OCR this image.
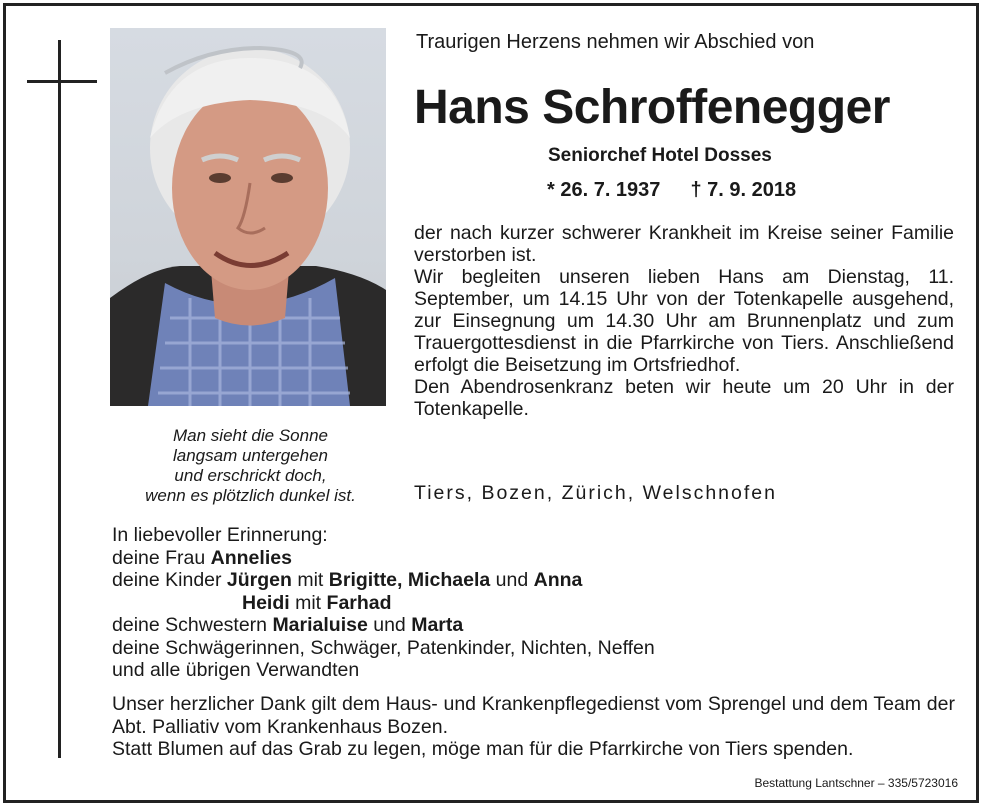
Man sieht die Sonne
langsam untergehen
und erschrickt doch,
wenn es plötzlich dunkel ist.
Traurigen Herzens nehmen wir Abschied von
Hans Schroffenegger
Seniorchef Hotel Dosses
* 26. 7. 1937 † 7. 9. 2018

der nach kurzer schwerer Krankheit im Kreise seiner Familie verstorben ist.

Wir begleiten unseren lieben Hans am Dienstag, 11. September, um 14.15 Uhr von der Totenkapelle ausgehend, zur Einsegnung um 14.30 Uhr am Brunnenplatz und zum Trauergottesdienst in die Pfarrkirche von Tiers. Anschließend erfolgt die Beisetzung im Ortsfriedhof.

Den Abendrosenkranz beten wir heute um 20 Uhr in der Totenkapelle.

Tiers, Bozen, Zürich, Welschnofen
In liebevoller Erinnerung:
deine Frau Annelies
deine Kinder Jürgen mit Brigitte, Michaela und Anna
Heidi mit Farhad
deine Schwestern Marialuise und Marta
deine Schwägerinnen, Schwäger, Patenkinder, Nichten, Neffen
und alle übrigen Verwandten

Unser herzlicher Dank gilt dem Haus- und Krankenpflegedienst vom Sprengel und dem Team der Abt. Palliativ vom Krankenhaus Bozen.

Statt Blumen auf das Grab zu legen, möge man für die Pfarrkirche von Tiers spenden.

Bestattung Lantschner – 335/5723016
